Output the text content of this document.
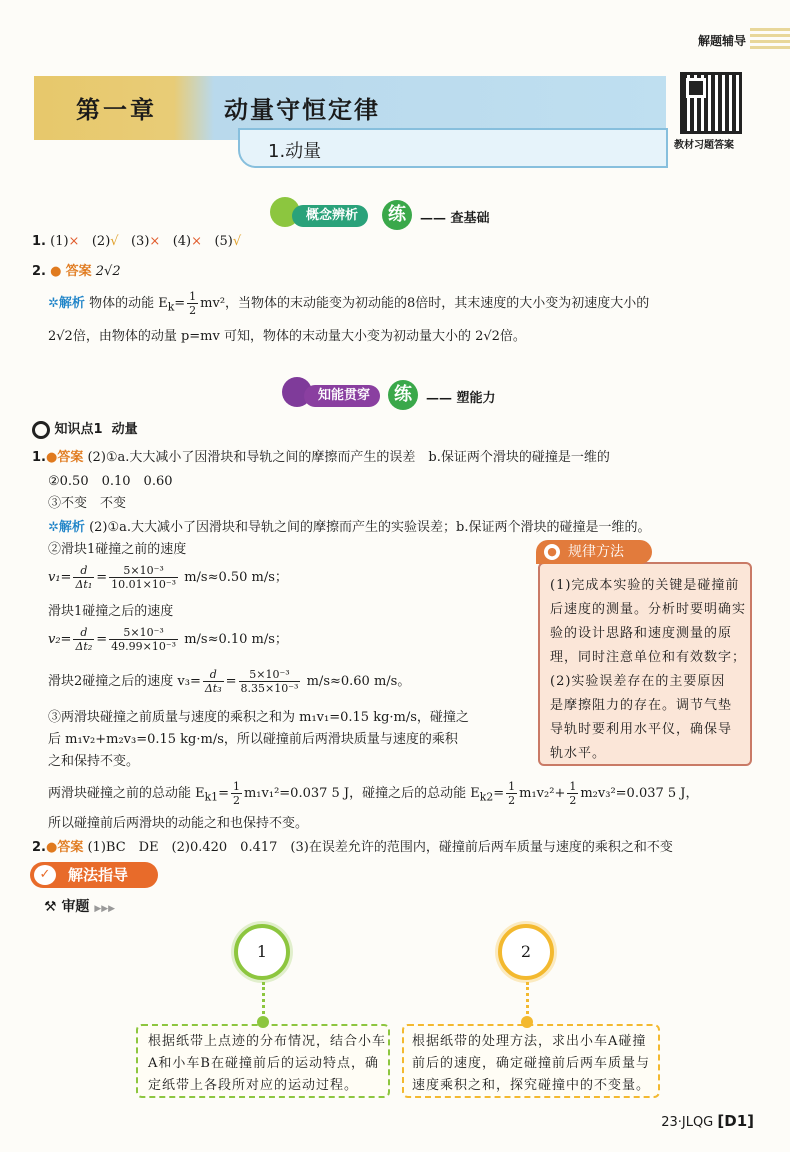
解题辅导
第一章	动量守恒定律
1.动量	教材习题答案
概念辨析	练	—— 查基础
1. (1)× (2)√ (3)× (4)× (5)√
2. ● 答案 2√2
✲解析 物体的动能 $E_k= \frac{1}{2} mv^2$，当物体的末动能变为初动能的8倍时，其末速度的大小变为初速度大小的
2√2倍，由物体的动量 p=mv 可知，物体的末动量大小变为初动量大小的 2√2倍。
知能贯穿	练	—— 塑能力
知识点1 动量
1.●答案 (2)①a.大大减小了因滑块和导轨之间的摩擦而产生的误差　b.保证两个滑块的碰撞是一维的
②0.50　0.10　0.60
③不变　不变
✲解析 (2)①a.大大减小了因滑块和导轨之间的摩擦而产生的实验误差；b.保证两个滑块的碰撞是一维的。
②滑块1碰撞之前的速度
$v_1= \frac{d}{\text{Δt₁}} = \frac{\text{5×10⁻³}}{\text{10.01×10⁻³}} m/s\approx 0.50$ m/s；
滑块1碰撞之后的速度
$v_2= \frac{d}{\text{Δt₂}} = \frac{\text{5×10⁻³}}{\text{49.99×10⁻³}} m/s\approx 0.10$ m/s；
滑块2碰撞之后的速度 $v_3= \frac{d}{\text{Δt₃}} = \frac{\text{5×10⁻³}}{\text{8.35×10⁻³}} m/s\approx 0.60$ m/s。
③两滑块碰撞之前质量与速度的乘积之和为 m₁v₁=0.15 kg·m/s，碰撞之
后 m₁v₂+m₂v₃=0.15 kg·m/s，所以碰撞前后两滑块质量与速度的乘积
之和保持不变。
两滑块碰撞之前的总动能 $E_{k1}= \frac{1}{2} m_1v_1^2=0.037$ 5 J，碰撞之后的总动能 $E_{k2}= \frac{1}{2} m_1v_2^2+ \frac{1}{2} m_2v_3^2=0.037$ 5 J，
所以碰撞前后两滑块的动能之和也保持不变。
2.●答案 (1)BC　DE　(2)0.420　0.417　(3)在误差允许的范围内，碰撞前后两车质量与速度的乘积之和不变
● 规律方法
(1)完成本实验的关键是碰撞前
后速度的测量。分析时要明确实
验的设计思路和速度测量的原
理，同时注意单位和有效数字；
(2)实验误差存在的主要原因
是摩擦阻力的存在。调节气垫
导轨时要利用水平仪，确保导
轨水平。
✓	解法指导
⚒ 审题 ▶▶▶
1	2
根据纸带上点迹的分布情况，结合小车
A和小车B在碰撞前后的运动特点，确
定纸带上各段所对应的运动过程。
根据纸带的处理方法，求出小车A碰撞
前后的速度，确定碰撞前后两车质量与
速度乘积之和，探究碰撞中的不变量。
23·JLQG [D1]
